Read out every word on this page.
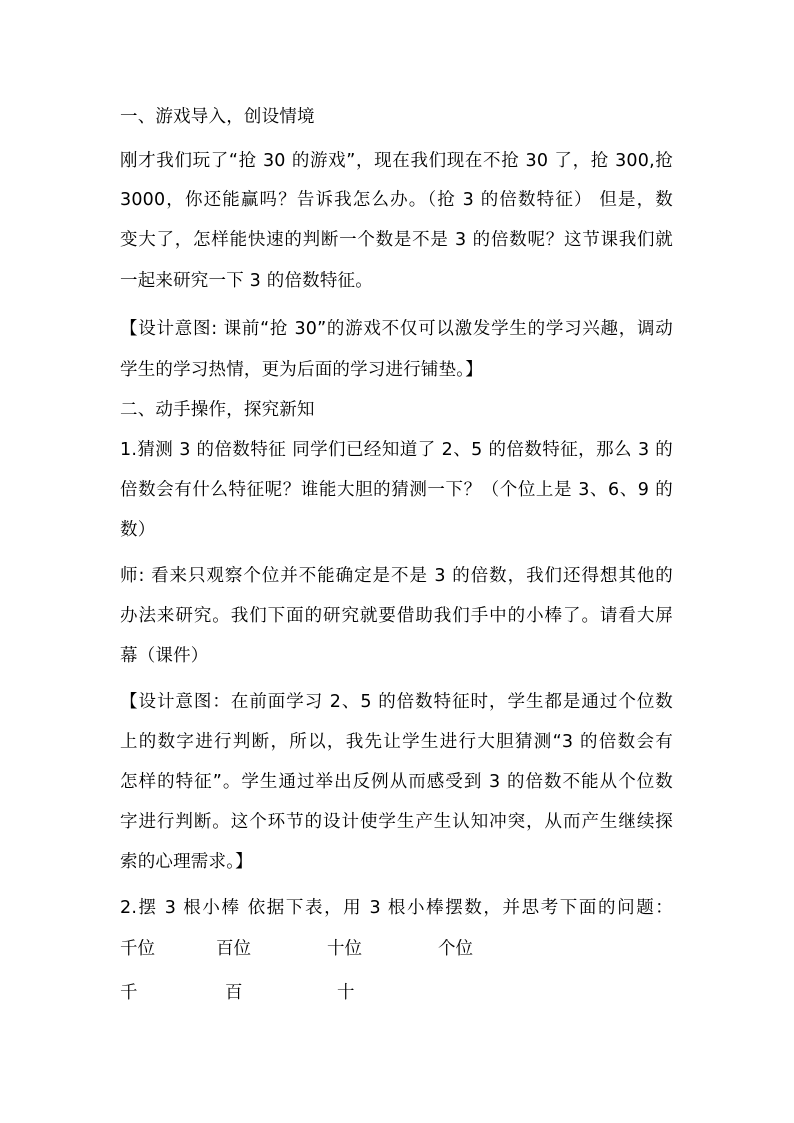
一、游戏导入，创设情境
刚才我们玩了“抢 30 的游戏”，现在我们现在不抢 30 了，抢 300,抢
3000，你还能赢吗？告诉我怎么办。（抢 3 的倍数特征） 但是，数
变大了，怎样能快速的判断一个数是不是 3 的倍数呢？这节课我们就
一起来研究一下 3 的倍数特征。
【设计意图: 课前“抢 30”的游戏不仅可以激发学生的学习兴趣，调动
学生的学习热情，更为后面的学习进行铺垫。】
二、动手操作，探究新知
1.猜测 3 的倍数特征 同学们已经知道了 2、5 的倍数特征，那么 3 的
倍数会有什么特征呢？谁能大胆的猜测一下？（个位上是 3、6、9 的
数）
师: 看来只观察个位并不能确定是不是 3 的倍数，我们还得想其他的
办法来研究。我们下面的研究就要借助我们手中的小棒了。请看大屏
幕（课件）
【设计意图：在前面学习 2、5 的倍数特征时，学生都是通过个位数
上的数字进行判断，所以，我先让学生进行大胆猜测“3 的倍数会有
怎样的特征”。学生通过举出反例从而感受到 3 的倍数不能从个位数
字进行判断。这个环节的设计使学生产生认知冲突，从而产生继续探
索的心理需求。】
2.摆 3 根小棒 依据下表，用 3 根小棒摆数，并思考下面的问题：
千位	百位	十位	个位
千	百	十
